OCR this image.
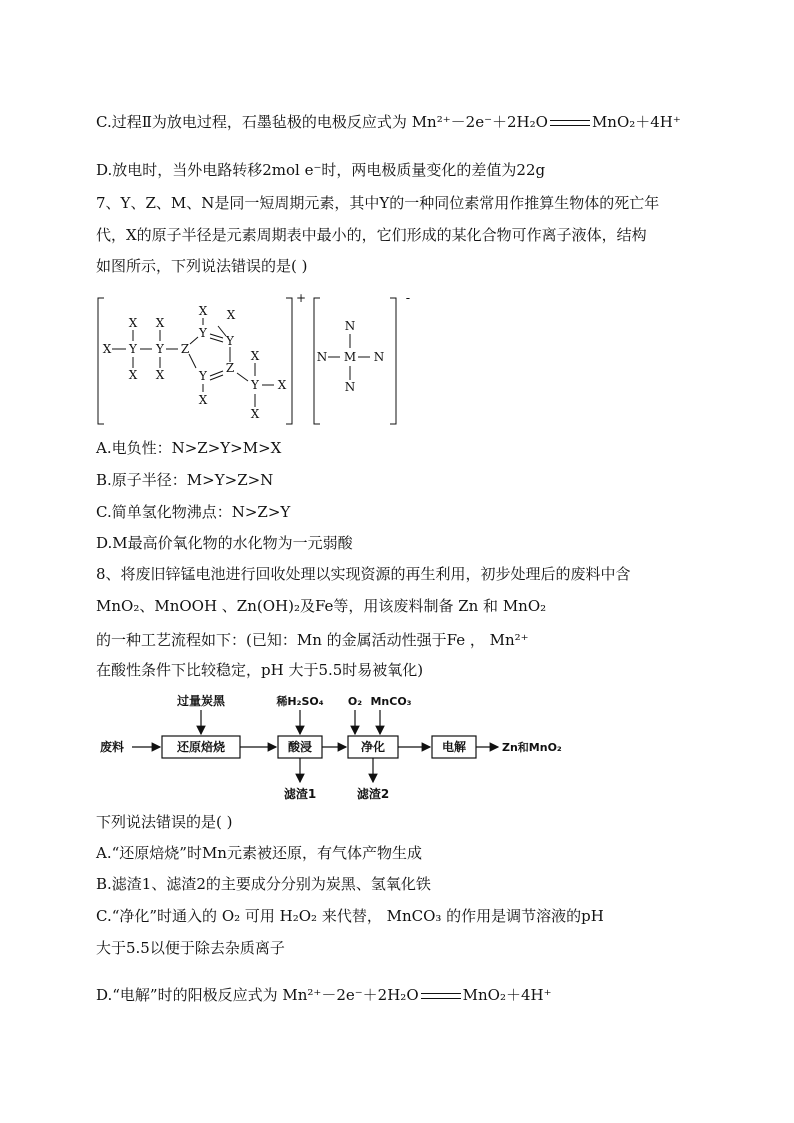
C.过程Ⅱ为放电过程，石墨毡极的电极反应式为 Mn²⁺－2e⁻＋2H₂O	MnO₂＋4H⁺
D.放电时，当外电路转移2mol e⁻时，两电极质量变化的差值为22g
7、Y、Z、M、N是同一短周期元素，其中Y的一种同位素常用作推算生物体的死亡年
代，X的原子半径是元素周期表中最小的，它们形成的某化合物可作离子液体，结构
如图所示，下列说法错误的是( )
+	-
X Y
X
X
Y
X
X
Z
Y
X X
Y
Z
Y
X
Y
X
X
X
M
N
N
N	N
A.电负性：N>Z>Y>M>X
B.原子半径：M>Y>Z>N
C.简单氢化物沸点：N>Z>Y
D.M最高价氧化物的水化物为一元弱酸
8、将废旧锌锰电池进行回收处理以实现资源的再生利用，初步处理后的废料中含
MnO₂、MnOOH 、Zn(OH)₂及Fe等，用该废料制备 Zn 和 MnO₂
的一种工艺流程如下：(已知：Mn 的金属活动性强于Fe ， Mn²⁺
在酸性条件下比较稳定，pH 大于5.5时易被氧化)
废料	还原焙烧
过量炭黑
酸浸
稀H₂SO₄
滤渣1
净化
O₂ MnCO₃
滤渣2
电解	Zn和MnO₂
下列说法错误的是( )
A.“还原焙烧”时Mn元素被还原，有气体产物生成
B.滤渣1、滤渣2的主要成分分别为炭黑、氢氧化铁
C.“净化”时通入的 O₂ 可用 H₂O₂ 来代替， MnCO₃ 的作用是调节溶液的pH
大于5.5以便于除去杂质离子
D.“电解”时的阳极反应式为 Mn²⁺－2e⁻＋2H₂O	MnO₂＋4H⁺
